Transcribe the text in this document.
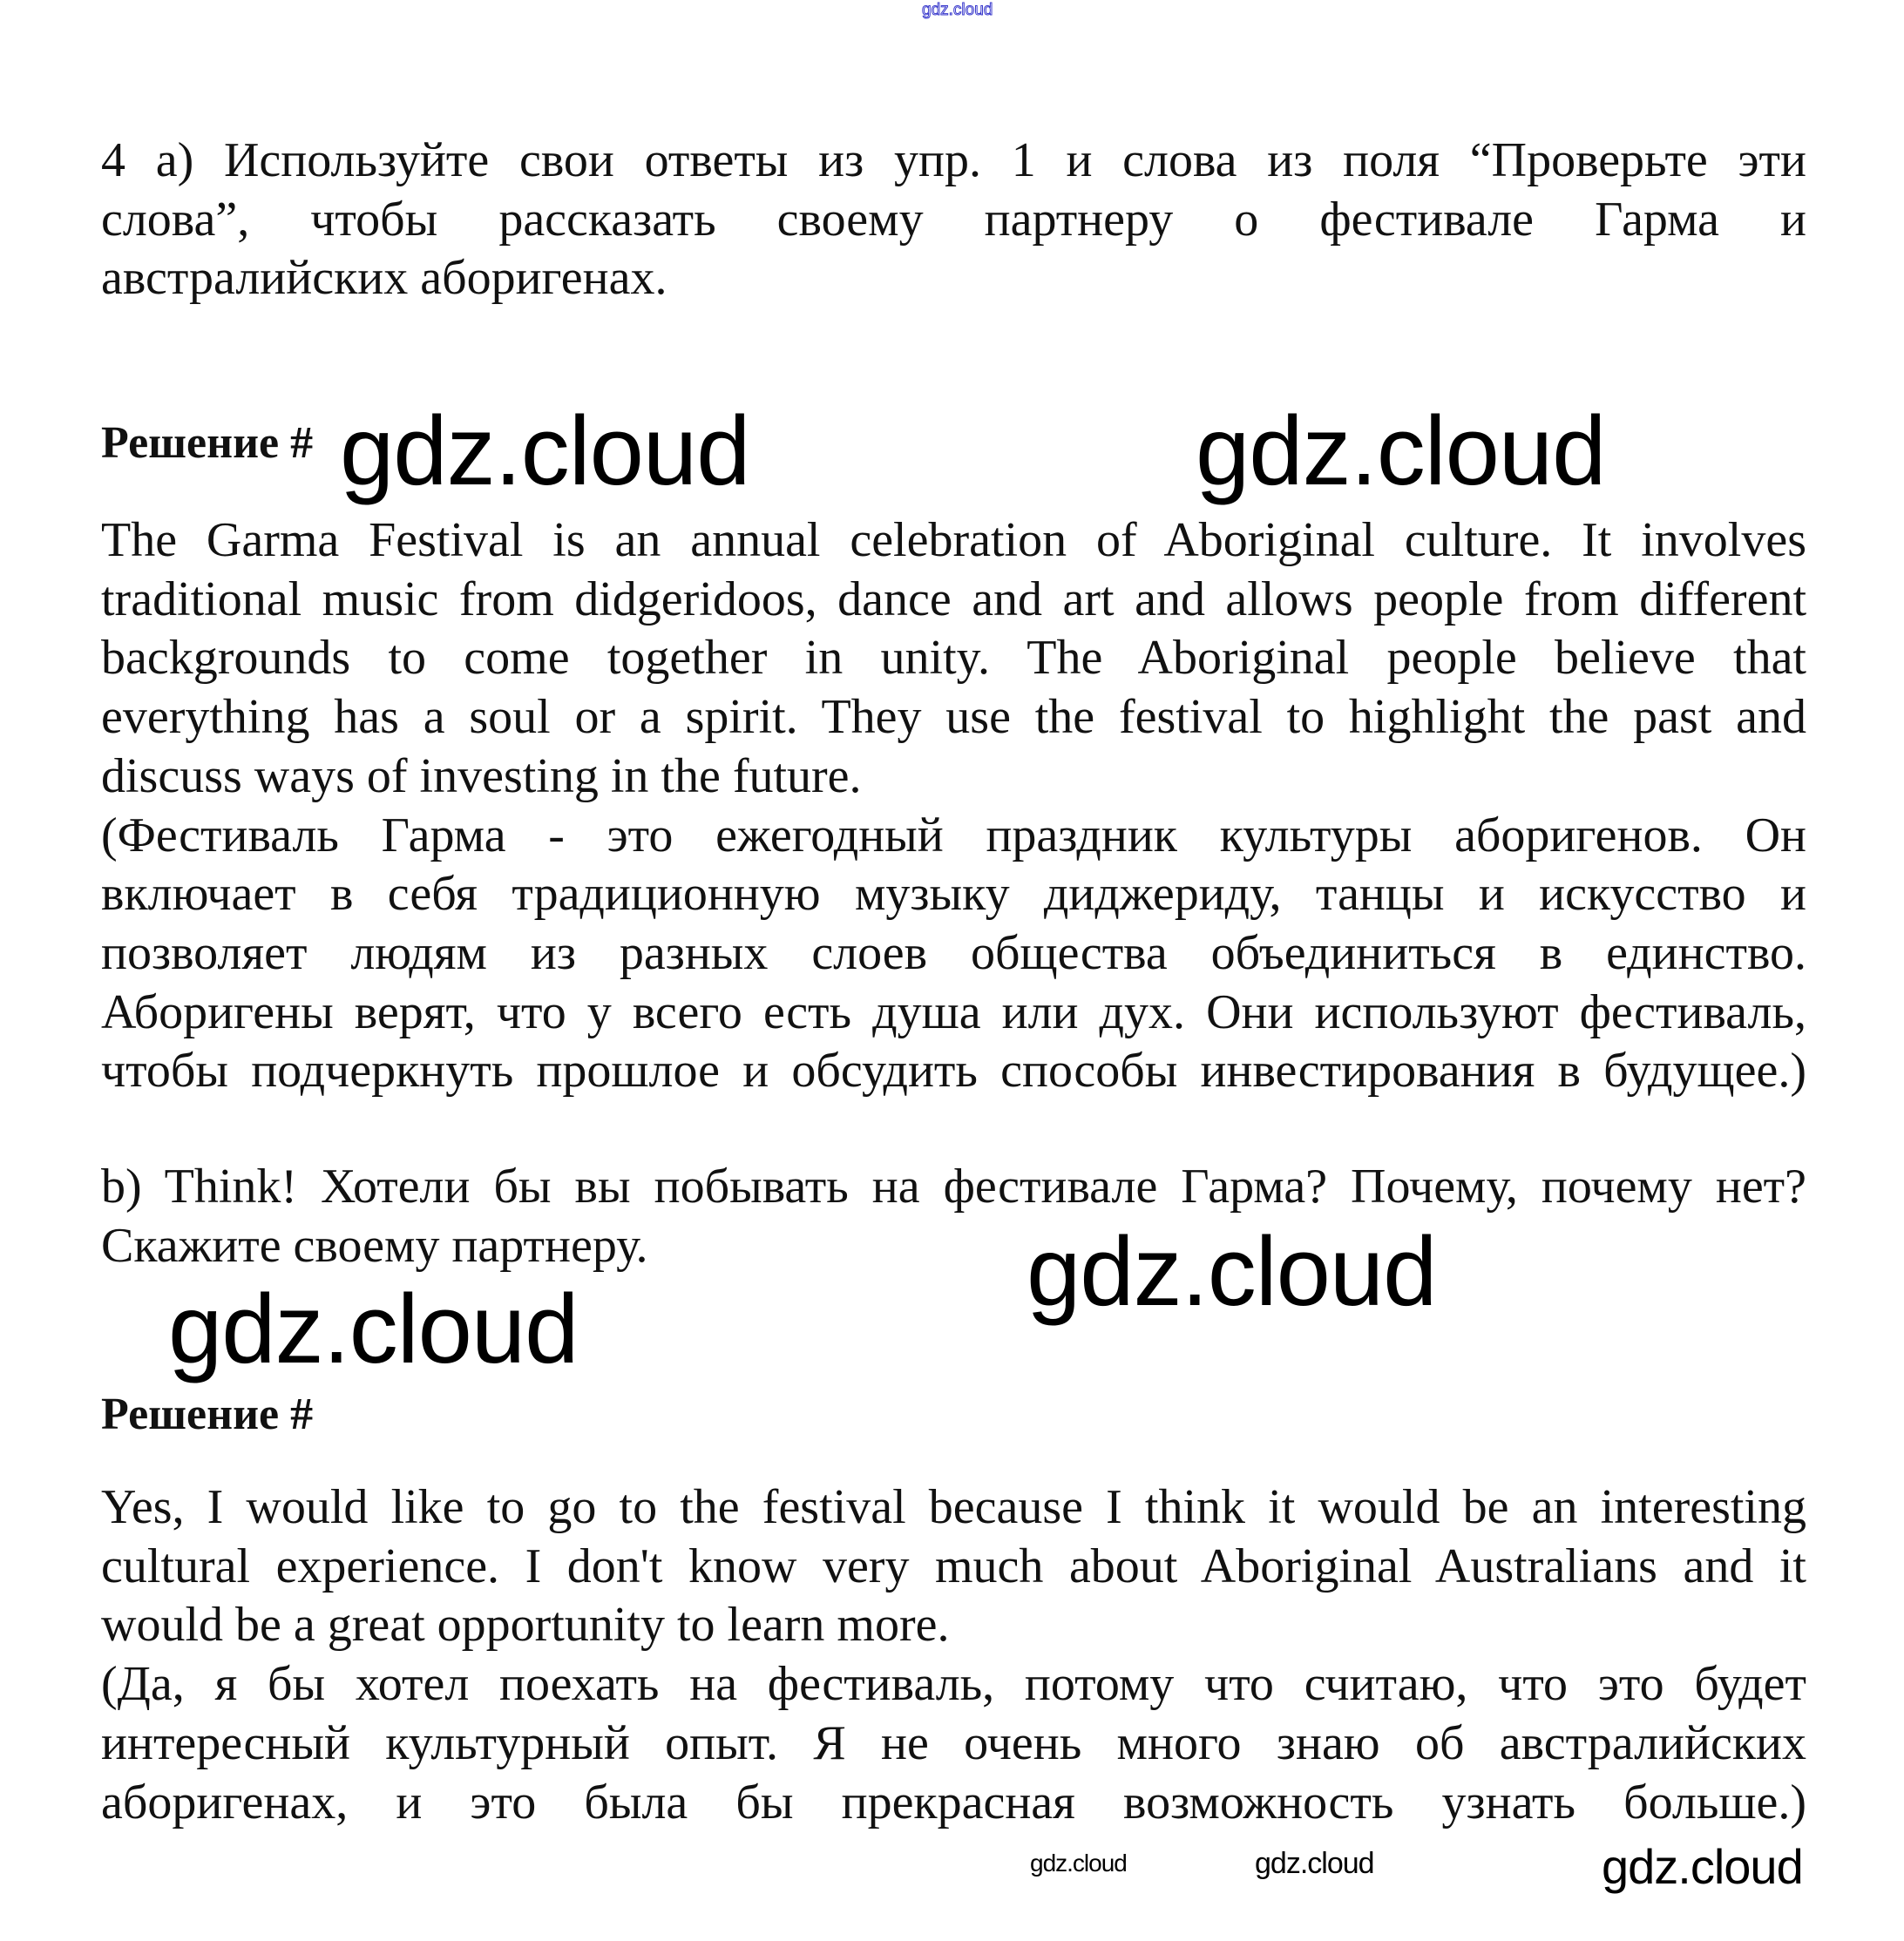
gdz.cloud
4 а) Используйте свои ответы из упр. 1 и слова из поля “Проверьте эти
слова”, чтобы рассказать своему партнеру о фестивале Гарма и
австралийских аборигенах.
Решение #
The Garma Festival is an annual celebration of Aboriginal culture. It involves
traditional music from didgeridoos, dance and art and allows people from different
backgrounds to come together in unity. The Aboriginal people believe that
everything has a soul or a spirit. They use the festival to highlight the past and
discuss ways of investing in the future.
(Фестиваль Гарма - это ежегодный праздник культуры аборигенов. Он
включает в себя традиционную музыку диджериду, танцы и искусство и
позволяет людям из разных слоев общества объединиться в единство.
Аборигены верят, что у всего есть душа или дух. Они используют фестиваль,
чтобы подчеркнуть прошлое и обсудить способы инвестирования в будущее.)
b) Think! Хотели бы вы побывать на фестивале Гарма? Почему, почему нет?
Скажите своему партнеру.
Решение #
Yes, I would like to go to the festival because I think it would be an interesting
cultural experience. I don't know very much about Aboriginal Australians and it
would be a great opportunity to learn more.
(Да, я бы хотел поехать на фестиваль, потому что считаю, что это будет
интересный культурный опыт. Я не очень много знаю об австралийских
аборигенах, и это была бы прекрасная возможность узнать больше.)
gdz.cloud	gdz.cloud
gdz.cloud
gdz.cloud
gdz.cloud	gdz.cloud	gdz.cloud
